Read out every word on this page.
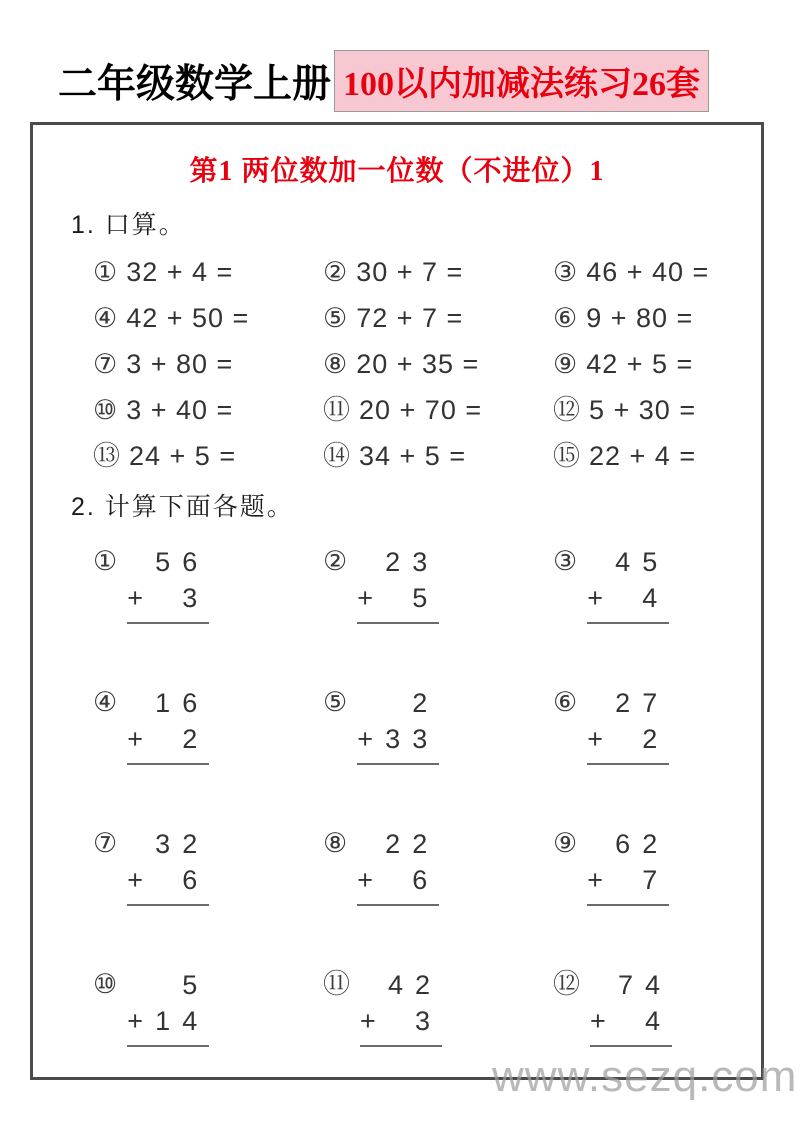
二年级数学上册 100以内加减法练习26套
第1 两位数加一位数（不进位）1
1. 口算。
① 32 + 4 =	② 30 + 7 =	③ 46 + 40 =
④ 42 + 50 =	⑤ 72 + 7 =	⑥ 9 + 80 =
⑦ 3 + 80 =	⑧ 20 + 35 =	⑨ 42 + 5 =
⑩ 3 + 40 =	⑪ 20 + 70 =	⑫ 5 + 30 =
⑬ 24 + 5 =	⑭ 34 + 5 =	⑮ 22 + 4 =
2. 计算下面各题。
①	56
+ 3
②	23
+ 5
③	45
+ 4
④	16
+ 2
⑤	2
+ 33
⑥	27
+ 2
⑦	32
+ 6
⑧	22
+ 6
⑨	62
+ 7
⑩	5
+ 14
⑪	42
+ 3
⑫	74
+ 4
www.sezq.com
